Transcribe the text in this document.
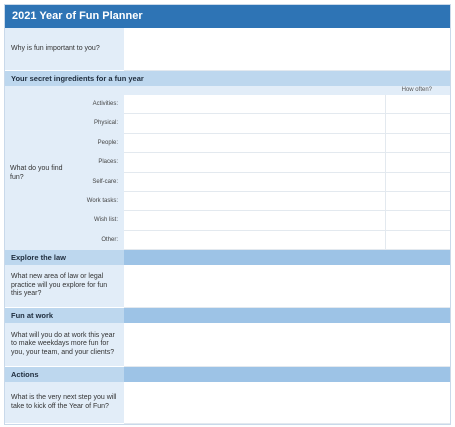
2021 Year of Fun Planner
Why is fun important to you?
Your secret ingredients for a fun year
How often?
What do you find fun?
Activities:
Physical:
People:
Places:
Self-care:
Work tasks:
Wish list:
Other:
Explore the law
What new area of law or legal practice will you explore for fun this year?
Fun at work
What will you do at work this year to make weekdays more fun for you, your team, and your clients?
Actions
What is the very next step you will take to kick off the Year of Fun?
